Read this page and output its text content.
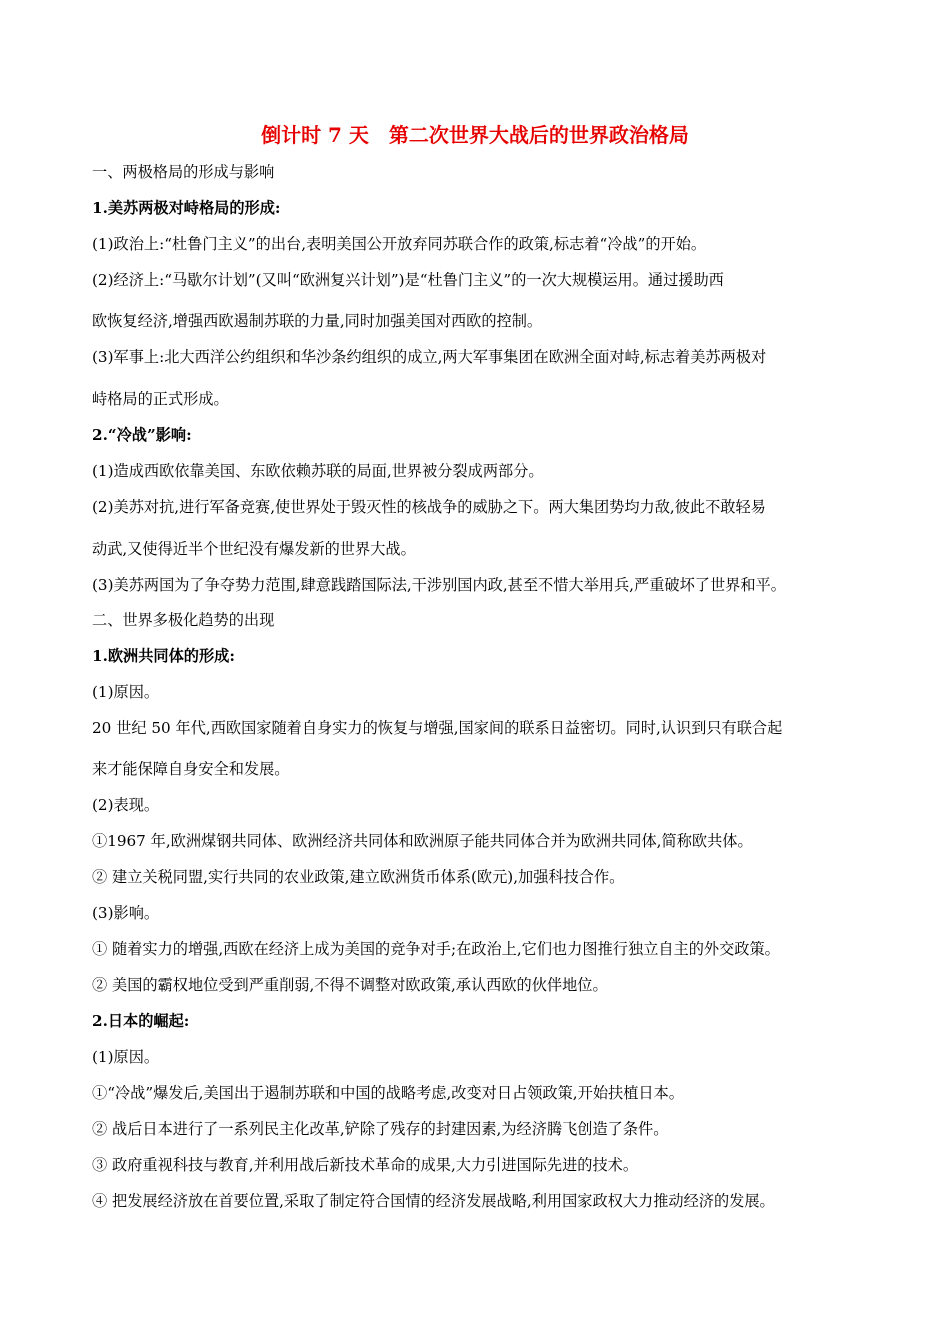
倒计时 7 天　第二次世界大战后的世界政治格局
一、两极格局的形成与影响
1.美苏两极对峙格局的形成:
(1)政治上:“杜鲁门主义”的出台,表明美国公开放弃同苏联合作的政策,标志着“冷战”的开始。
(2)经济上:“马歇尔计划”(又叫“欧洲复兴计划”)是“杜鲁门主义”的一次大规模运用。通过援助西
欧恢复经济,增强西欧遏制苏联的力量,同时加强美国对西欧的控制。
(3)军事上:北大西洋公约组织和华沙条约组织的成立,两大军事集团在欧洲全面对峙,标志着美苏两极对
峙格局的正式形成。
2.“冷战”影响:
(1)造成西欧依靠美国、东欧依赖苏联的局面,世界被分裂成两部分。
(2)美苏对抗,进行军备竞赛,使世界处于毁灭性的核战争的威胁之下。两大集团势均力敌,彼此不敢轻易
动武,又使得近半个世纪没有爆发新的世界大战。
(3)美苏两国为了争夺势力范围,肆意践踏国际法,干涉别国内政,甚至不惜大举用兵,严重破坏了世界和平。
二、世界多极化趋势的出现
1.欧洲共同体的形成:
(1)原因。
20 世纪 50 年代,西欧国家随着自身实力的恢复与增强,国家间的联系日益密切。同时,认识到只有联合起
来才能保障自身安全和发展。
(2)表现。
①1967 年,欧洲煤钢共同体、欧洲经济共同体和欧洲原子能共同体合并为欧洲共同体,简称欧共体。
② 建立关税同盟,实行共同的农业政策,建立欧洲货币体系(欧元),加强科技合作。
(3)影响。
① 随着实力的增强,西欧在经济上成为美国的竞争对手;在政治上,它们也力图推行独立自主的外交政策。
② 美国的霸权地位受到严重削弱,不得不调整对欧政策,承认西欧的伙伴地位。
2.日本的崛起:
(1)原因。
①“冷战”爆发后,美国出于遏制苏联和中国的战略考虑,改变对日占领政策,开始扶植日本。
② 战后日本进行了一系列民主化改革,铲除了残存的封建因素,为经济腾飞创造了条件。
③ 政府重视科技与教育,并利用战后新技术革命的成果,大力引进国际先进的技术。
④ 把发展经济放在首要位置,采取了制定符合国情的经济发展战略,利用国家政权大力推动经济的发展。
